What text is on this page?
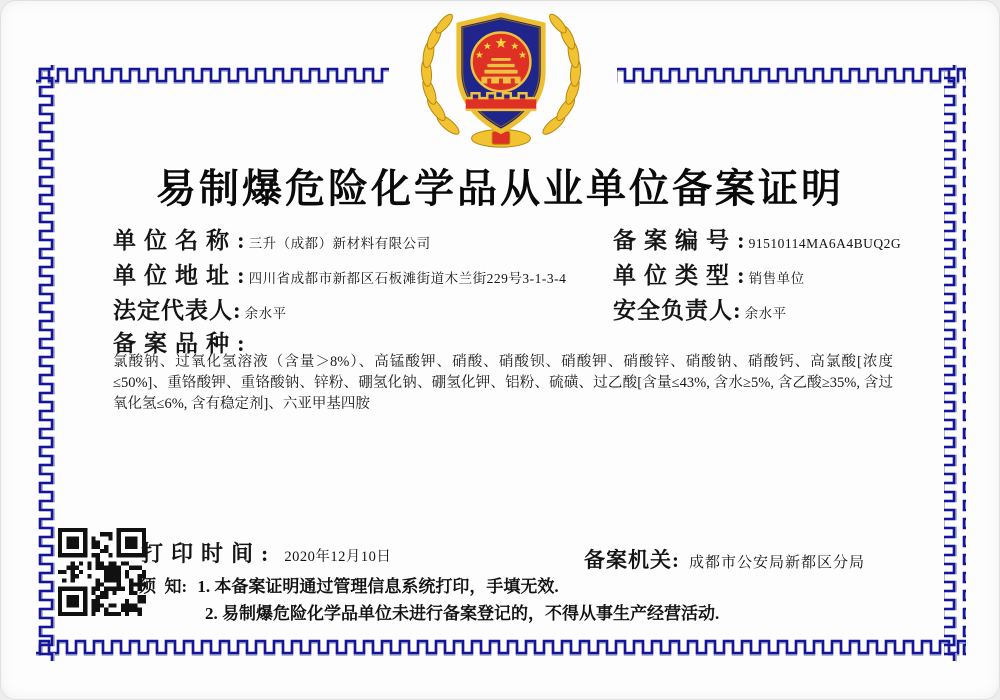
易制爆危险化学品从业单位备案证明
单位名称 : 三升（成都）新材料有限公司	备案编号 : 91510114MA6A4BUQ2G
单位地址 : 四川省成都市新都区石板滩街道木兰街229号3-1-3-4 单位类型 : 销售单位
法定代表人 : 余水平	安全负责人 : 余水平
备案品种 :
氯酸钠、过氧化氢溶液（含量＞8%）、高锰酸钾、硝酸、硝酸钡、硝酸钾、硝酸锌、硝酸钠、硝酸钙、高氯酸[浓度≤50%]、重铬酸钾、重铬酸钠、锌粉、硼氢化钠、硼氢化钾、铝粉、硫磺、过乙酸[含量≤43%, 含水≥5%, 含乙酸≥35%, 含过氧化氢≤6%, 含有稳定剂]、六亚甲基四胺
打印时间 : 2020年12月10日	备案机关 : 成都市公安局新都区分局
须  知: 1. 本备案证明通过管理信息系统打印，手填无效.
2. 易制爆危险化学品单位未进行备案登记的，不得从事生产经营活动.
